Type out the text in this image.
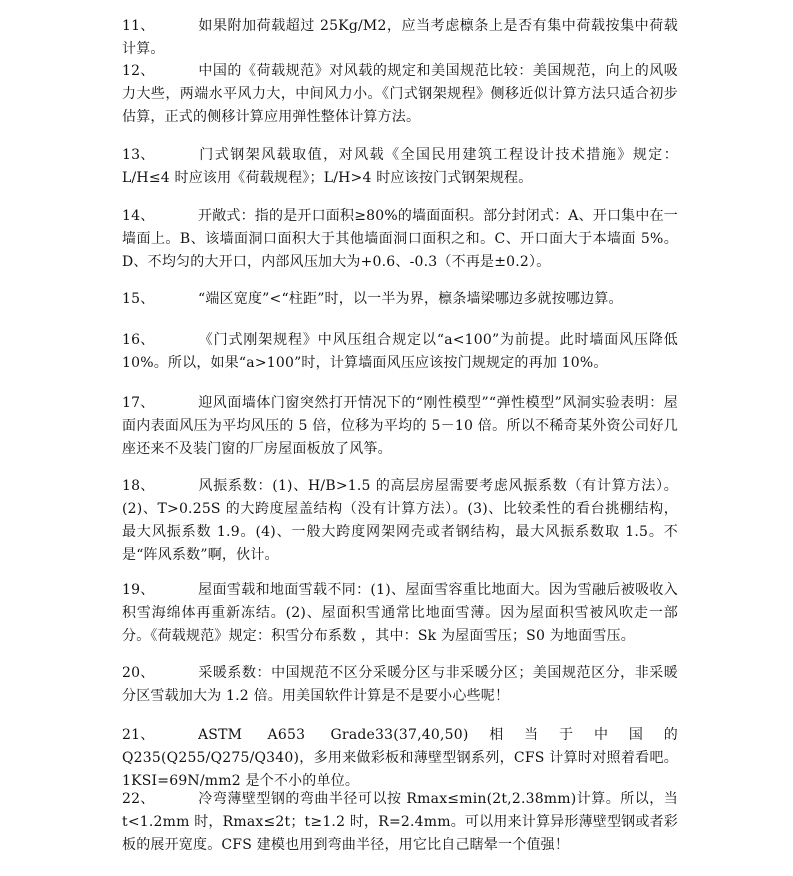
11、	如果附加荷载超过 25Kg/M2，应当考虑檩条上是否有集中荷载按集中荷载计算。
12、	中国的《荷载规范》对风载的规定和美国规范比较：美国规范，向上的风吸力大些，两端水平风力大，中间风力小。《门式钢架规程》侧移近似计算方法只适合初步估算，正式的侧移计算应用弹性整体计算方法。
13、	门式钢架风载取值，对风载《全国民用建筑工程设计技术措施》规定：L/H≤4 时应该用《荷载规程》；L/H>4 时应该按门式钢架规程。
14、	开敞式：指的是开口面积≥80%的墙面面积。部分封闭式：A、开口集中在一墙面上。B、该墙面洞口面积大于其他墙面洞口面积之和。C、开口面大于本墙面 5%。D、不均匀的大开口，内部风压加大为+0.6、-0.3（不再是±0.2）。
15、	“端区宽度”<“柱距”时，以一半为界，檩条墙梁哪边多就按哪边算。
16、	《门式刚架规程》中风压组合规定以“a<100”为前提。此时墙面风压降低 10%。所以，如果“a>100”时，计算墙面风压应该按门规规定的再加 10%。
17、	迎风面墙体门窗突然打开情况下的“刚性模型”“弹性模型”风洞实验表明：屋面内表面风压为平均风压的 5 倍，位移为平均的 5－10 倍。所以不稀奇某外资公司好几座还来不及装门窗的厂房屋面板放了风筝。
18、	风振系数：(1)、H/B>1.5 的高层房屋需要考虑风振系数（有计算方法）。(2)、T>0.25S 的大跨度屋盖结构（没有计算方法）。(3)、比较柔性的看台挑棚结构，最大风振系数 1.9。(4)、一般大跨度网架网壳或者钢结构，最大风振系数取 1.5。不是“阵风系数”啊，伙计。
19、	屋面雪载和地面雪载不同：(1)、屋面雪容重比地面大。因为雪融后被吸收入积雪海绵体再重新冻结。(2)、屋面积雪通常比地面雪薄。因为屋面积雪被风吹走一部分。《荷载规范》规定：积雪分布系数 ，其中：Sk 为屋面雪压；S0 为地面雪压。
20、	采暖系数：中国规范不区分采暖分区与非采暖分区；美国规范区分，非采暖分区雪载加大为 1.2 倍。用美国软件计算是不是要小心些呢！
21、	ASTM A653 Grade33(37,40,50)相当于中国的 Q235(Q255/Q275/Q340)，多用来做彩板和薄壁型钢系列，CFS 计算时对照着看吧。1KSI=69N/mm2 是个不小的单位。
22、	冷弯薄壁型钢的弯曲半径可以按 Rmax≤min(2t,2.38mm)计算。所以，当 t<1.2mm 时，Rmax≤2t；t≥1.2 时，R=2.4mm。可以用来计算异形薄壁型钢或者彩板的展开宽度。CFS 建模也用到弯曲半径，用它比自己瞎晕一个值强！
